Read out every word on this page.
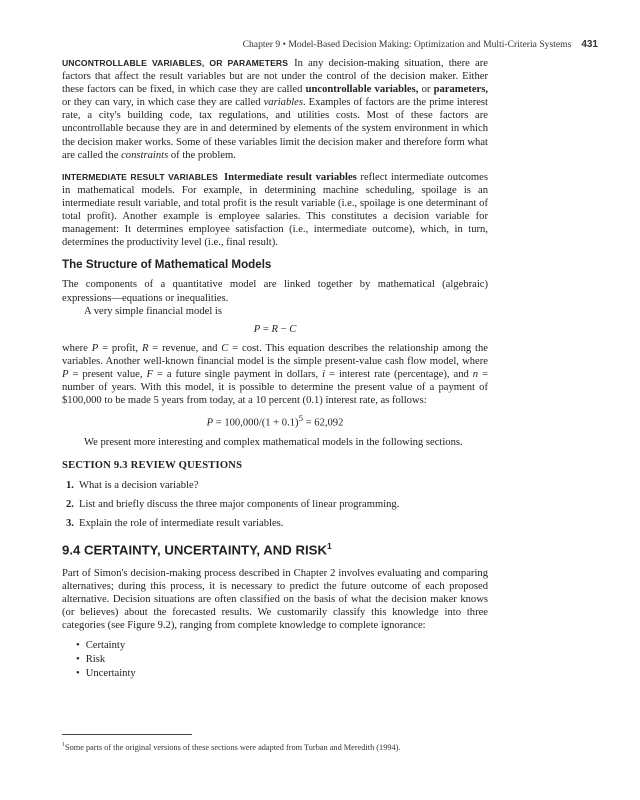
Chapter 9 • Model-Based Decision Making: Optimization and Multi-Criteria Systems 431

UNCONTROLLABLE VARIABLES, OR PARAMETERS In any decision-making situation, there are factors that affect the result variables but are not under the control of the decision maker. Either these factors can be fixed, in which case they are called uncontrollable variables, or parameters, or they can vary, in which case they are called variables. Examples of factors are the prime interest rate, a city's building code, tax regulations, and utilities costs. Most of these factors are uncontrollable because they are in and determined by elements of the system environment in which the decision maker works. Some of these variables limit the decision maker and therefore form what are called the constraints of the problem.

INTERMEDIATE RESULT VARIABLES Intermediate result variables reflect intermediate outcomes in mathematical models. For example, in determining machine scheduling, spoilage is an intermediate result variable, and total profit is the result variable (i.e., spoilage is one determinant of total profit). Another example is employee salaries. This constitutes a decision variable for management: It determines employee satisfaction (i.e., intermediate outcome), which, in turn, determines the productivity level (i.e., final result).

The Structure of Mathematical Models

The components of a quantitative model are linked together by mathematical (algebraic) expressions—equations or inequalities.

A very simple financial model is

P = R − C

where P = profit, R = revenue, and C = cost. This equation describes the relationship among the variables. Another well-known financial model is the simple present-value cash flow model, where P = present value, F = a future single payment in dollars, i = interest rate (percentage), and n = number of years. With this model, it is possible to determine the present value of a payment of $100,000 to be made 5 years from today, at a 10 percent (0.1) interest rate, as follows:

$P = 100,000/(1 + 0.1)^5 = 62,092$

We present more interesting and complex mathematical models in the following sections.

SECTION 9.3 REVIEW QUESTIONS
1. What is a decision variable?
2. List and briefly discuss the three major components of linear programming.
3. Explain the role of intermediate result variables.
9.4 CERTAINTY, UNCERTAINTY, AND RISK$^1$

Part of Simon's decision-making process described in Chapter 2 involves evaluating and comparing alternatives; during this process, it is necessary to predict the future outcome of each proposed alternative. Decision situations are often classified on the basis of what the decision maker knows (or believes) about the forecasted results. We customarily classify this knowledge into three categories (see Figure 9.2), ranging from complete knowledge to complete ignorance:

• Certainty
• Risk
• Uncertainty
$^1$Some parts of the original versions of these sections were adapted from Turban and Meredith (1994).
